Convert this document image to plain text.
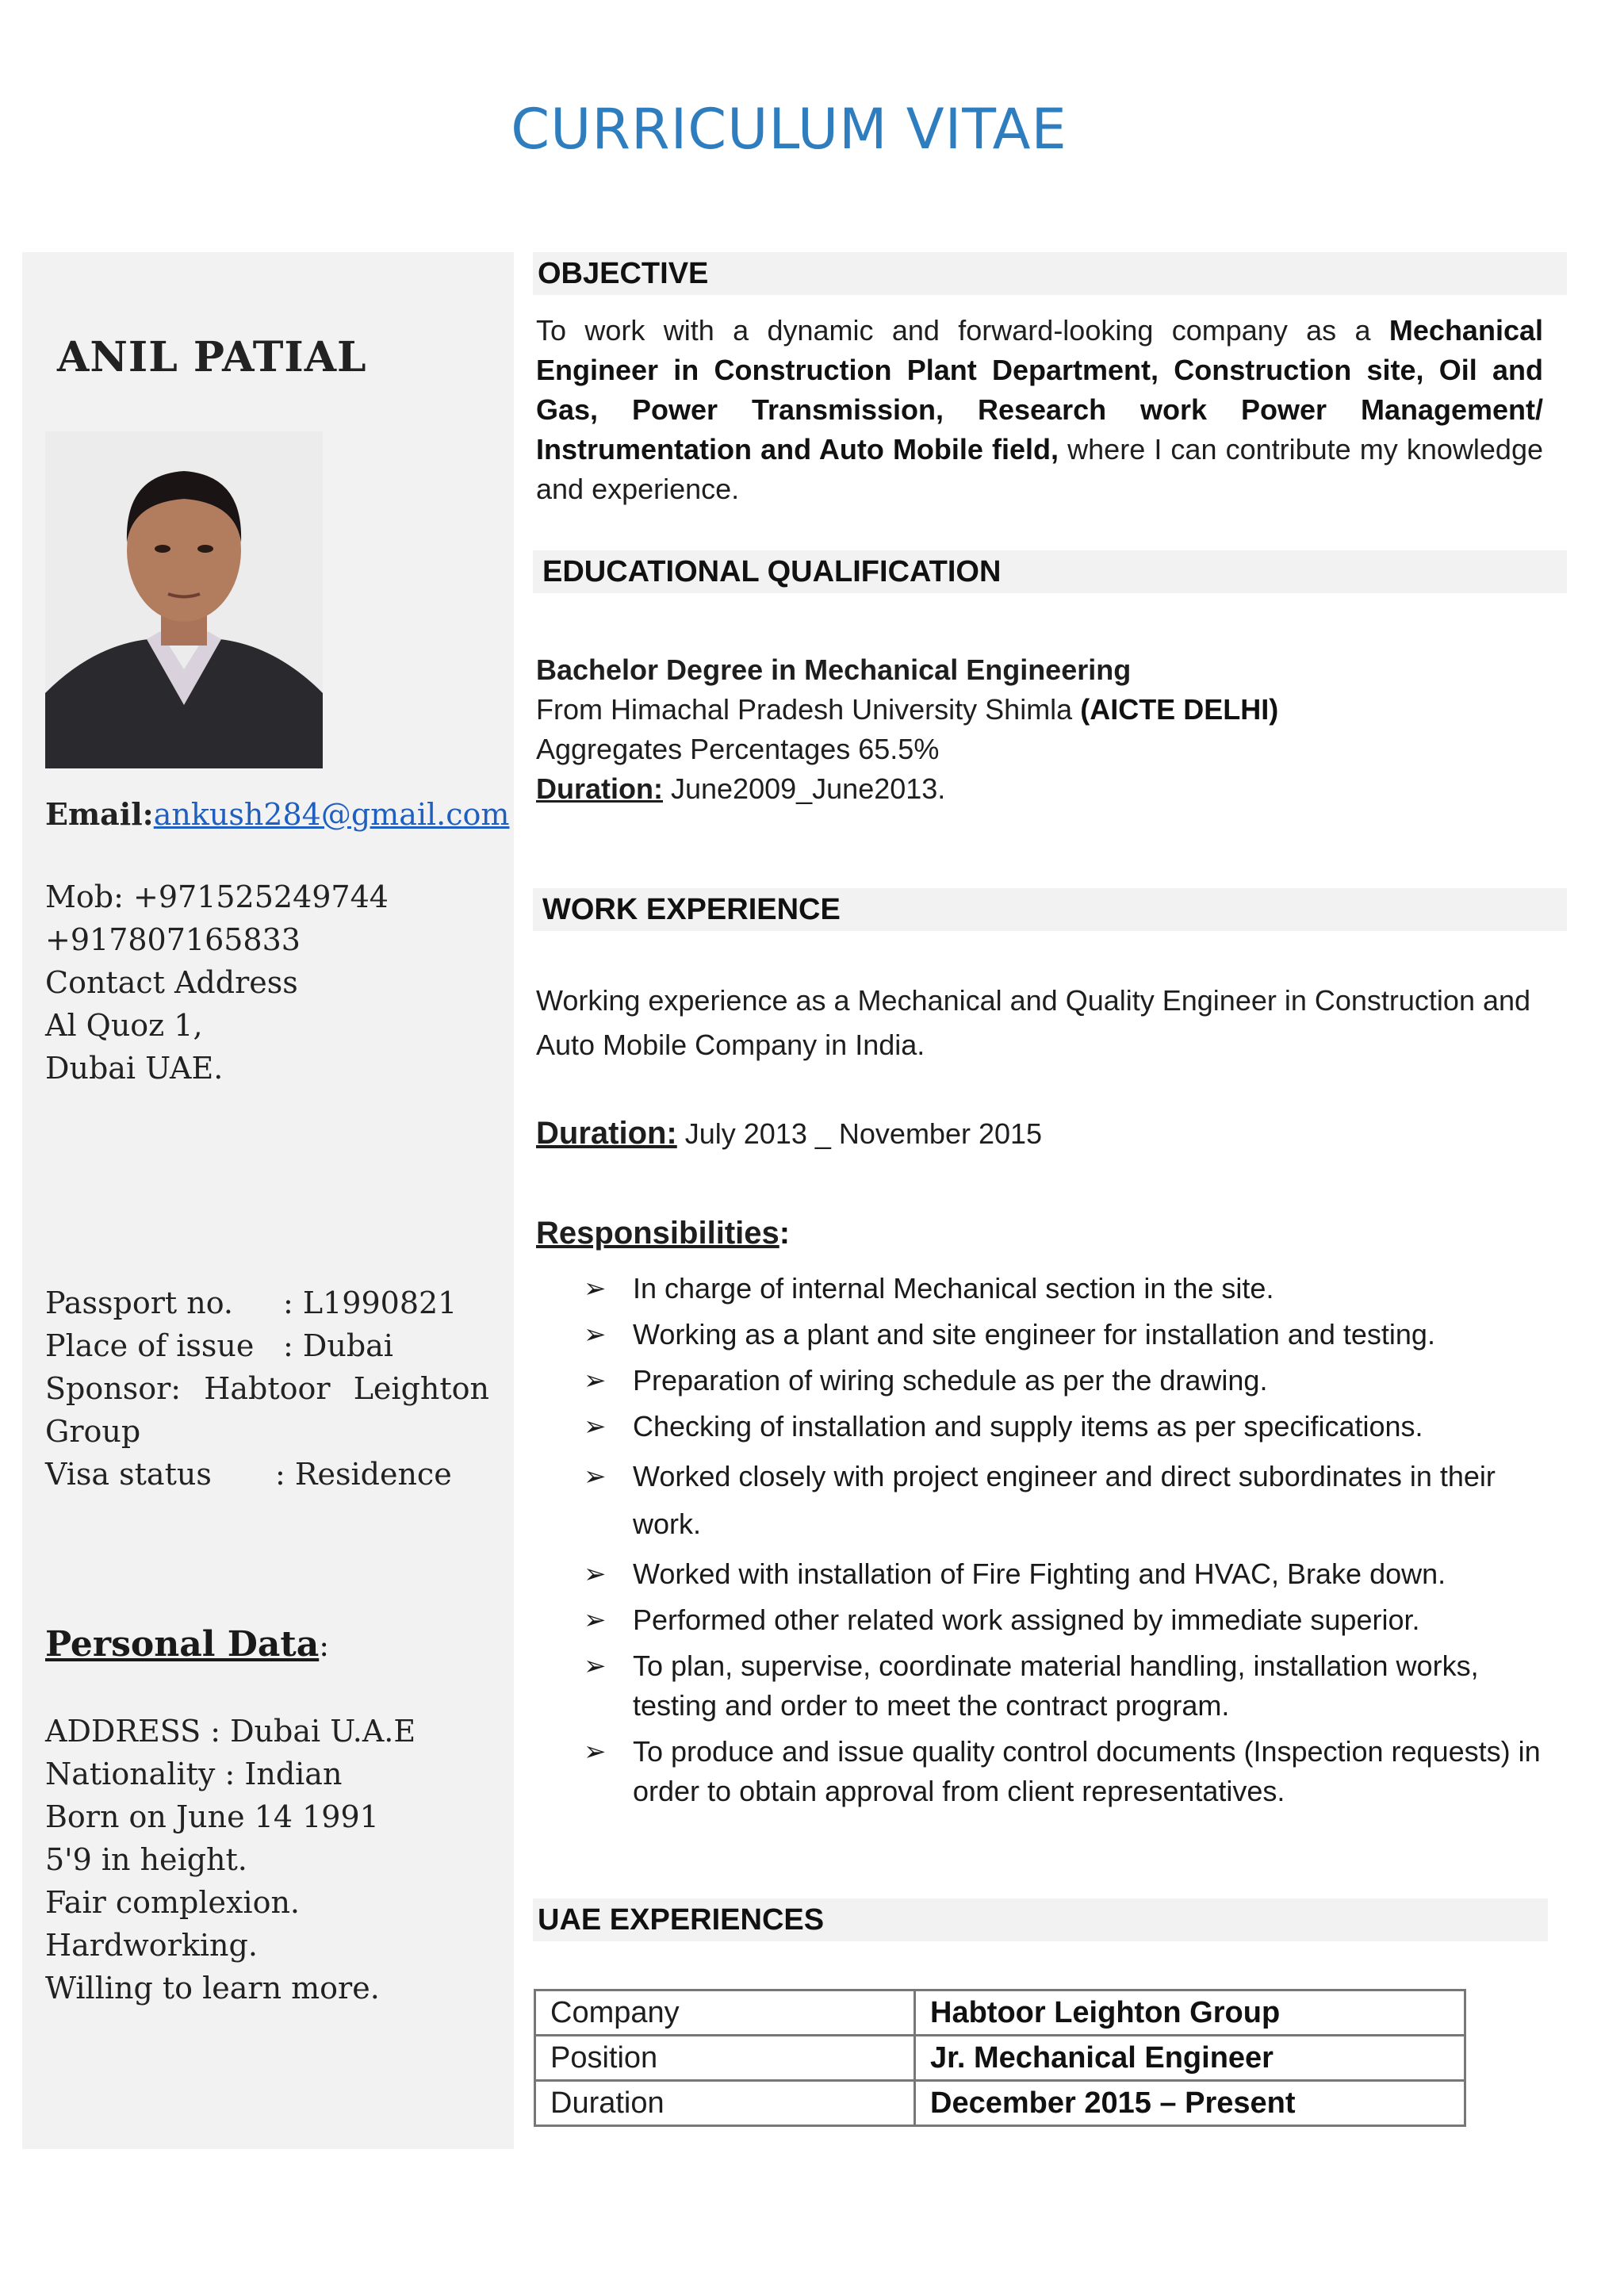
CURRICULUM VITAE
ANIL PATIAL
Email:ankush284@gmail.com
Mob: +971525249744
+917807165833
Contact Address
Al Quoz 1,
Dubai UAE.
Passport no.	: L1990821
Place of issue : Dubai
Sponsor: Habtoor Leighton Group
Visa status	: Residence
Personal Data:
ADDRESS : Dubai U.A.E
Nationality : Indian
Born on June 14 1991
5'9 in height.
Fair complexion.
Hardworking.
Willing to learn more.
OBJECTIVE
To work with a dynamic and forward-looking company as a Mechanical Engineer in Construction Plant Department, Construction site, Oil and Gas, Power Transmission, Research work Power Management/ Instrumentation and Auto Mobile field, where I can contribute my knowledge and experience.
EDUCATIONAL QUALIFICATION
Bachelor Degree in Mechanical Engineering
From Himachal Pradesh University Shimla (AICTE DELHI)
Aggregates Percentages 65.5%
Duration: June2009_June2013.
WORK EXPERIENCE
Working experience as a Mechanical and Quality Engineer in Construction and Auto Mobile Company in India.
Duration: July 2013 _ November 2015
Responsibilities:
➢ In charge of internal Mechanical section in the site.
➢ Working as a plant and site engineer for installation and testing.
➢ Preparation of wiring schedule as per the drawing.
➢ Checking of installation and supply items as per specifications.
➢ Worked closely with project engineer and direct subordinates in their work.
➢ Worked with installation of Fire Fighting and HVAC, Brake down.
➢ Performed other related work assigned by immediate superior.
➢ To plan, supervise, coordinate material handling, installation works, testing and order to meet the contract program.
➢ To produce and issue quality control documents (Inspection requests) in order to obtain approval from client representatives.
UAE EXPERIENCES
Company	Habtoor Leighton Group
Position	Jr. Mechanical Engineer
Duration	December 2015 – Present
